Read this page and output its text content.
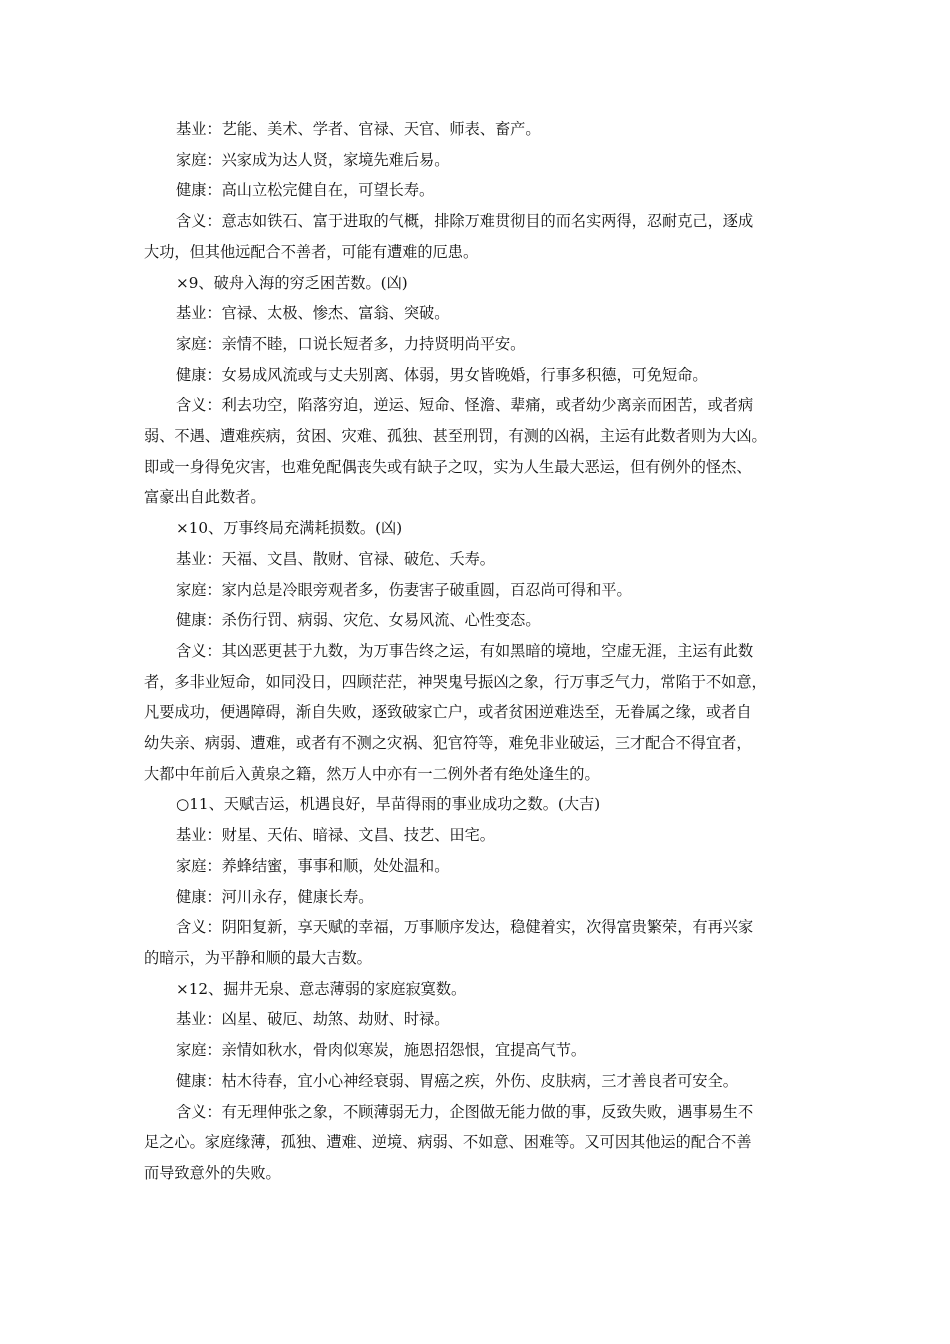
基业：艺能、美术、学者、官禄、天官、师表、畜产。
家庭：兴家成为达人贤，家境先难后易。
健康：高山立松完健自在，可望长寿。
含义：意志如铁石、富于进取的气概，排除万难贯彻目的而名实两得，忍耐克己，逐成
大功，但其他远配合不善者，可能有遭难的厄患。
×9、破舟入海的穷乏困苦数。(凶)
基业：官禄、太极、惨杰、富翁、突破。
家庭：亲情不睦，口说长短者多，力持贤明尚平安。
健康：女易成风流或与丈夫别离、体弱，男女皆晚婚，行事多积德，可免短命。
含义：利去功空，陷落穷迫，逆运、短命、怪澹、辈痛，或者幼少离亲而困苦，或者病
弱、不遇、遭难疾病，贫困、灾难、孤独、甚至刑罚，有测的凶祸，主运有此数者则为大凶。
即或一身得免灾害，也难免配偶丧失或有缺子之叹，实为人生最大恶运，但有例外的怪杰、
富豪出自此数者。
×10、万事终局充满耗损数。(凶)
基业：天福、文昌、散财、官禄、破危、夭寿。
家庭：家内总是冷眼旁观者多，伤妻害子破重圆，百忍尚可得和平。
健康：杀伤行罚、病弱、灾危、女易风流、心性变态。
含义：其凶恶更甚于九数，为万事告终之运，有如黑暗的境地，空虚无涯，主运有此数
者，多非业短命，如同没日，四顾茫茫，神哭鬼号振凶之象，行万事乏气力，常陷于不如意，
凡要成功，便遇障碍，渐自失败，逐致破家亡户，或者贫困逆难迭至，无眷属之缘，或者自
幼失亲、病弱、遭难，或者有不测之灾祸、犯官符等，难免非业破运，三才配合不得宜者，
大都中年前后入黄泉之籍，然万人中亦有一二例外者有绝处逢生的。
○11、天赋吉运，机遇良好，旱苗得雨的事业成功之数。(大吉)
基业：财星、天佑、暗禄、文昌、技艺、田宅。
家庭：养蜂结蜜，事事和顺，处处温和。
健康：河川永存，健康长寿。
含义：阴阳复新，享天赋的幸福，万事顺序发达，稳健着实，次得富贵繁荣，有再兴家
的暗示，为平静和顺的最大吉数。
×12、掘井无泉、意志薄弱的家庭寂寞数。
基业：凶星、破厄、劫煞、劫财、时禄。
家庭：亲情如秋水，骨肉似寒炭，施恩招怨恨，宜提高气节。
健康：枯木待春，宜小心神经衰弱、胃癌之疾，外伤、皮肤病，三才善良者可安全。
含义：有无理伸张之象，不顾薄弱无力，企图做无能力做的事，反致失败，遇事易生不
足之心。家庭缘薄，孤独、遭难、逆境、病弱、不如意、困难等。又可因其他运的配合不善
而导致意外的失败。
